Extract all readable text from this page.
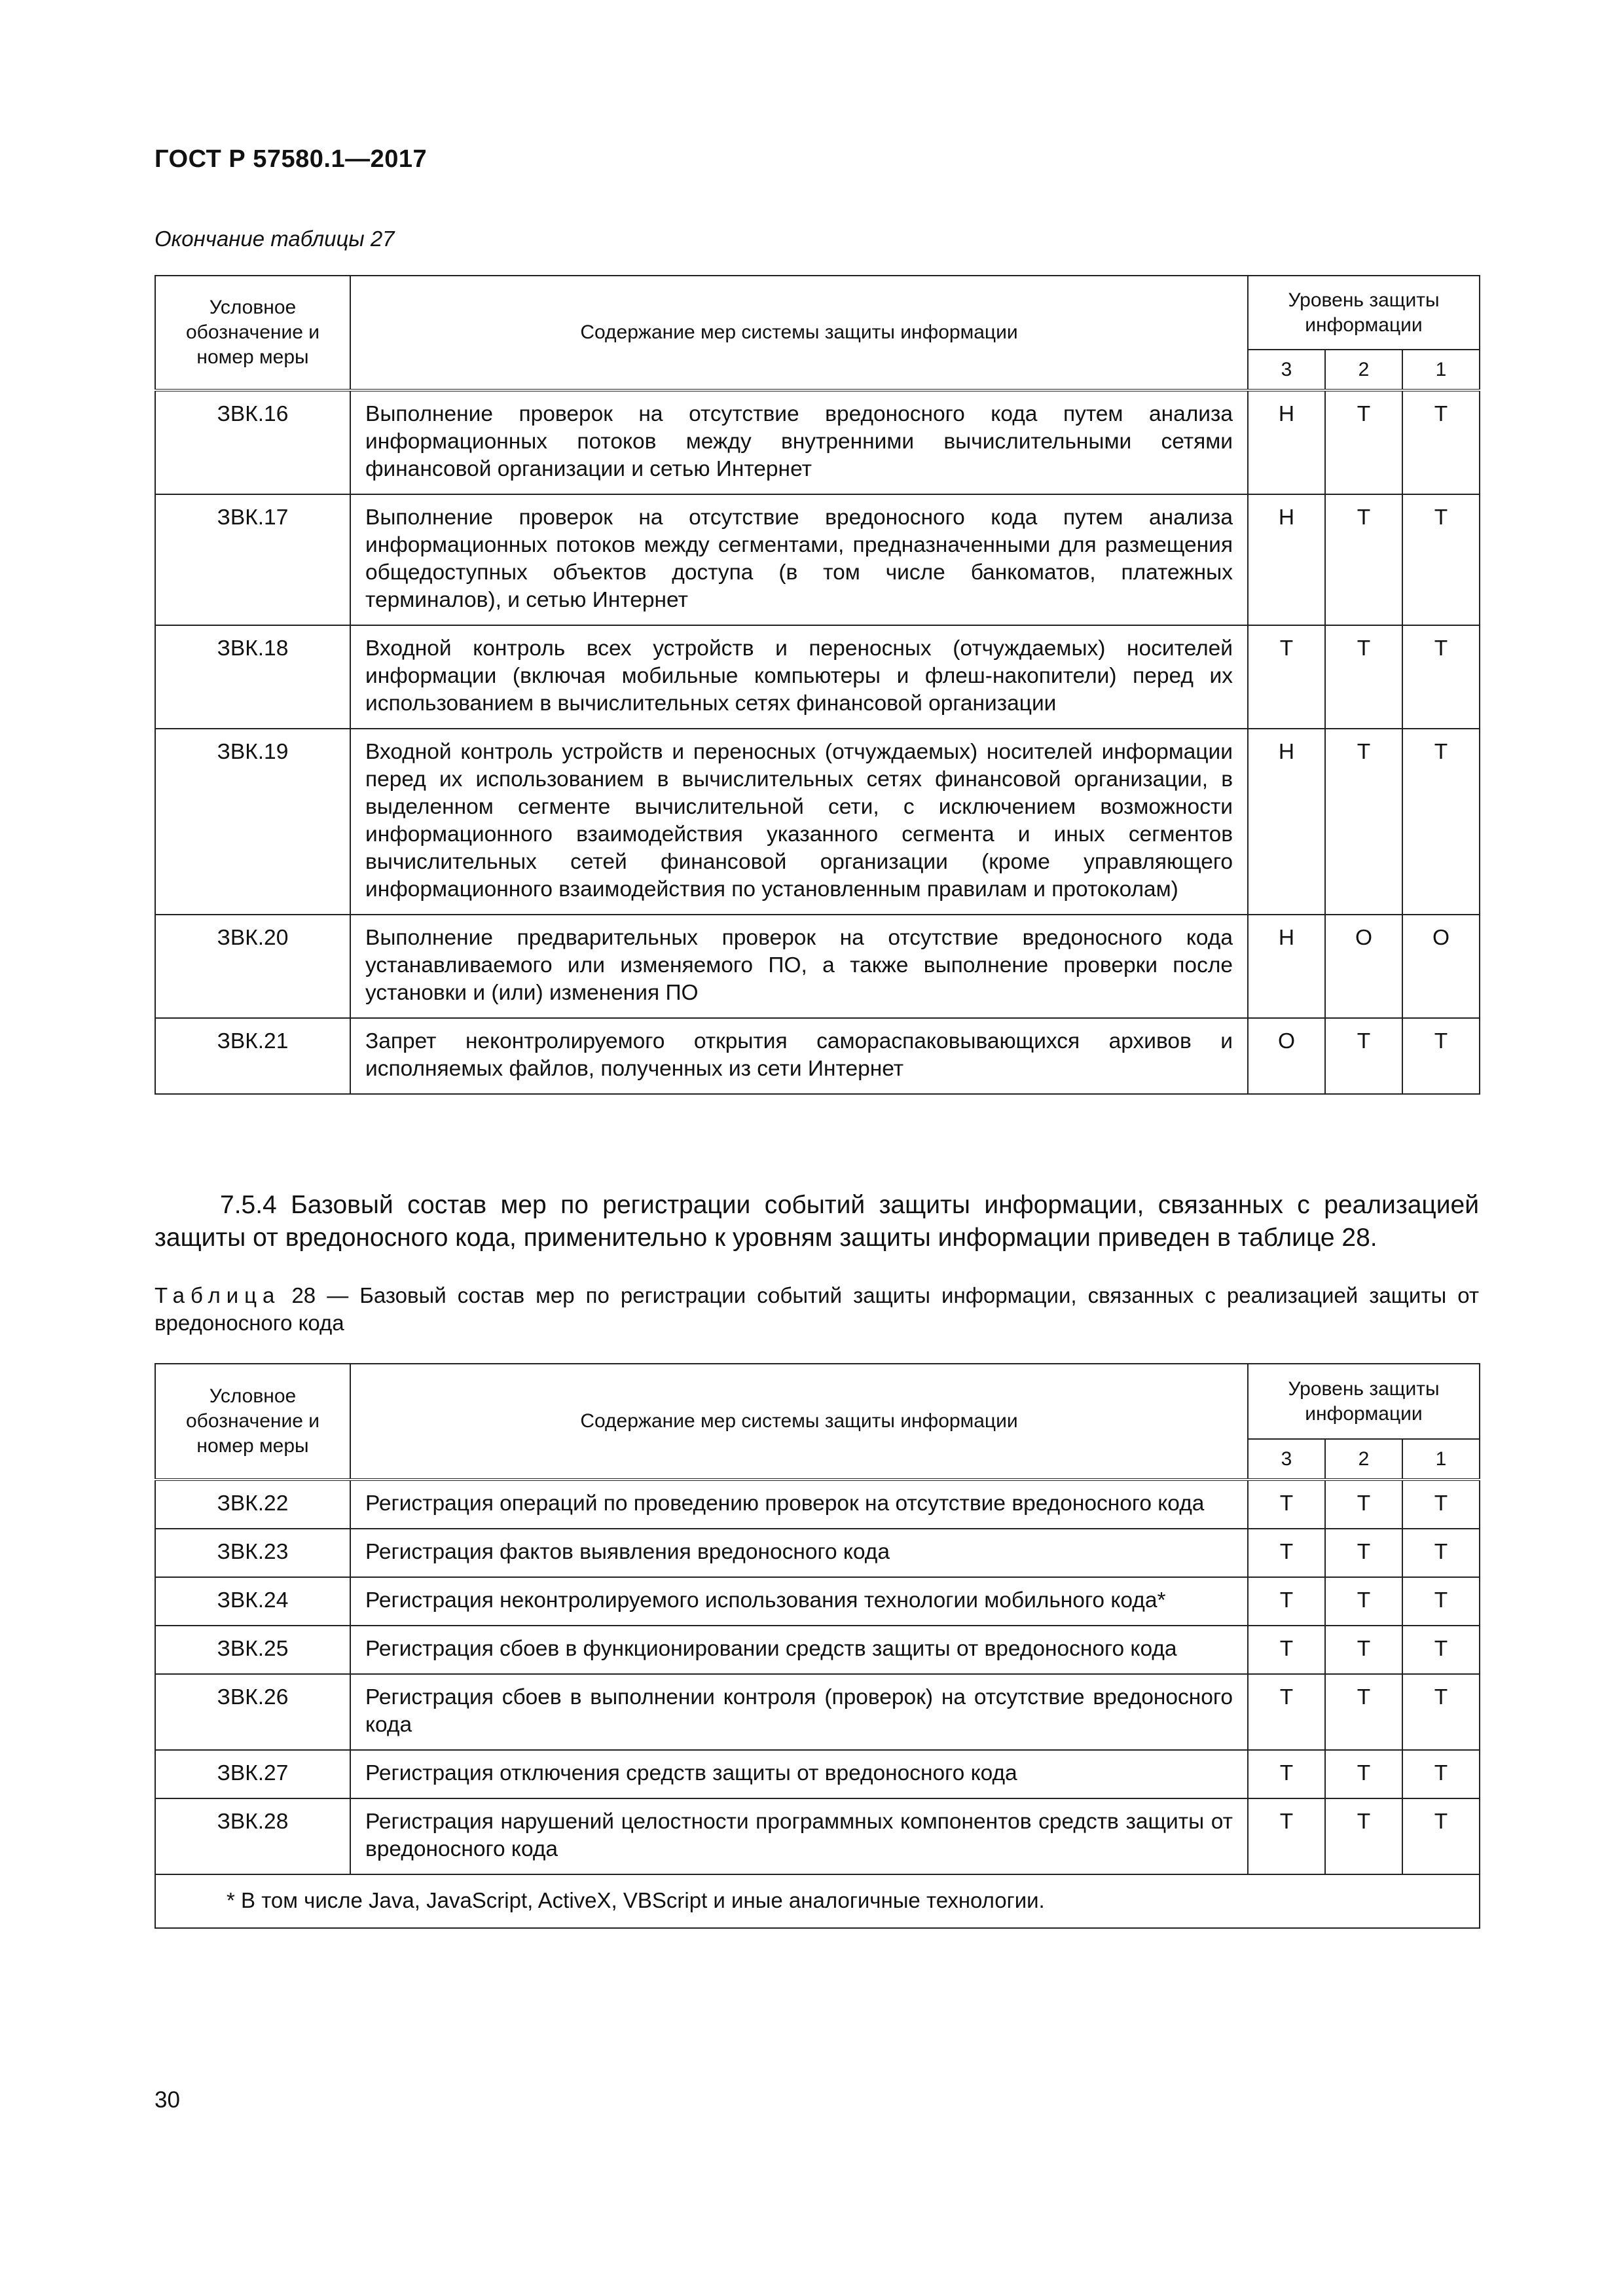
ГОСТ Р 57580.1—2017
Окончание таблицы 27
Условное обозначение и номер меры	Содержание мер системы защиты информации	Уровень защиты информации		
		3	2	1
ЗВК.16	Выполнение проверок на отсутствие вредоносного кода путем анализа информационных потоков между внутренними вычислительными сетями финансовой организации и сетью Интернет	Н	Т	Т
ЗВК.17	Выполнение проверок на отсутствие вредоносного кода путем анализа информационных потоков между сегментами, предназначенными для размещения общедоступных объектов доступа (в том числе банкоматов, платежных терминалов), и сетью Интернет	Н	Т	Т
ЗВК.18	Входной контроль всех устройств и переносных (отчуждаемых) носителей информации (включая мобильные компьютеры и флеш-накопители) перед их использованием в вычислительных сетях финансовой организации	Т	Т	Т
ЗВК.19	Входной контроль устройств и переносных (отчуждаемых) носителей информации перед их использованием в вычислительных сетях финансовой организации, в выделенном сегменте вычислительной сети, с исключением возможности информационного взаимодействия указанного сегмента и иных сегментов вычислительных сетей финансовой организации (кроме управляющего информационного взаимодействия по установленным правилам и протоколам)	Н	Т	Т
ЗВК.20	Выполнение предварительных проверок на отсутствие вредоносного кода устанавливаемого или изменяемого ПО, а также выполнение проверки после установки и (или) изменения ПО	Н	О	О
ЗВК.21	Запрет неконтролируемого открытия самораспаковывающихся архивов и исполняемых файлов, полученных из сети Интернет	О	Т	Т
7.5.4 Базовый состав мер по регистрации событий защиты информации, связанных с реализацией защиты от вредоносного кода, применительно к уровням защиты информации приведен в таблице 28.
Таблица 28 — Базовый состав мер по регистрации событий защиты информации, связанных с реализацией защиты от вредоносного кода
Условное обозначение и номер меры	Содержание мер системы защиты информации	Уровень защиты информации		
		3	2	1
ЗВК.22	Регистрация операций по проведению проверок на отсутствие вредоносного кода	Т	Т	Т
ЗВК.23	Регистрация фактов выявления вредоносного кода	Т	Т	Т
ЗВК.24	Регистрация неконтролируемого использования технологии мобильного кода*	Т	Т	Т
ЗВК.25	Регистрация сбоев в функционировании средств защиты от вредоносного кода	Т	Т	Т
ЗВК.26	Регистрация сбоев в выполнении контроля (проверок) на отсутствие вредоносного кода	Т	Т	Т
ЗВК.27	Регистрация отключения средств защиты от вредоносного кода	Т	Т	Т
ЗВК.28	Регистрация нарушений целостности программных компонентов средств защиты от вредоносного кода	Т	Т	Т
* В том числе Java, JavaScript, ActiveX, VBScript и иные аналогичные технологии.				
30
